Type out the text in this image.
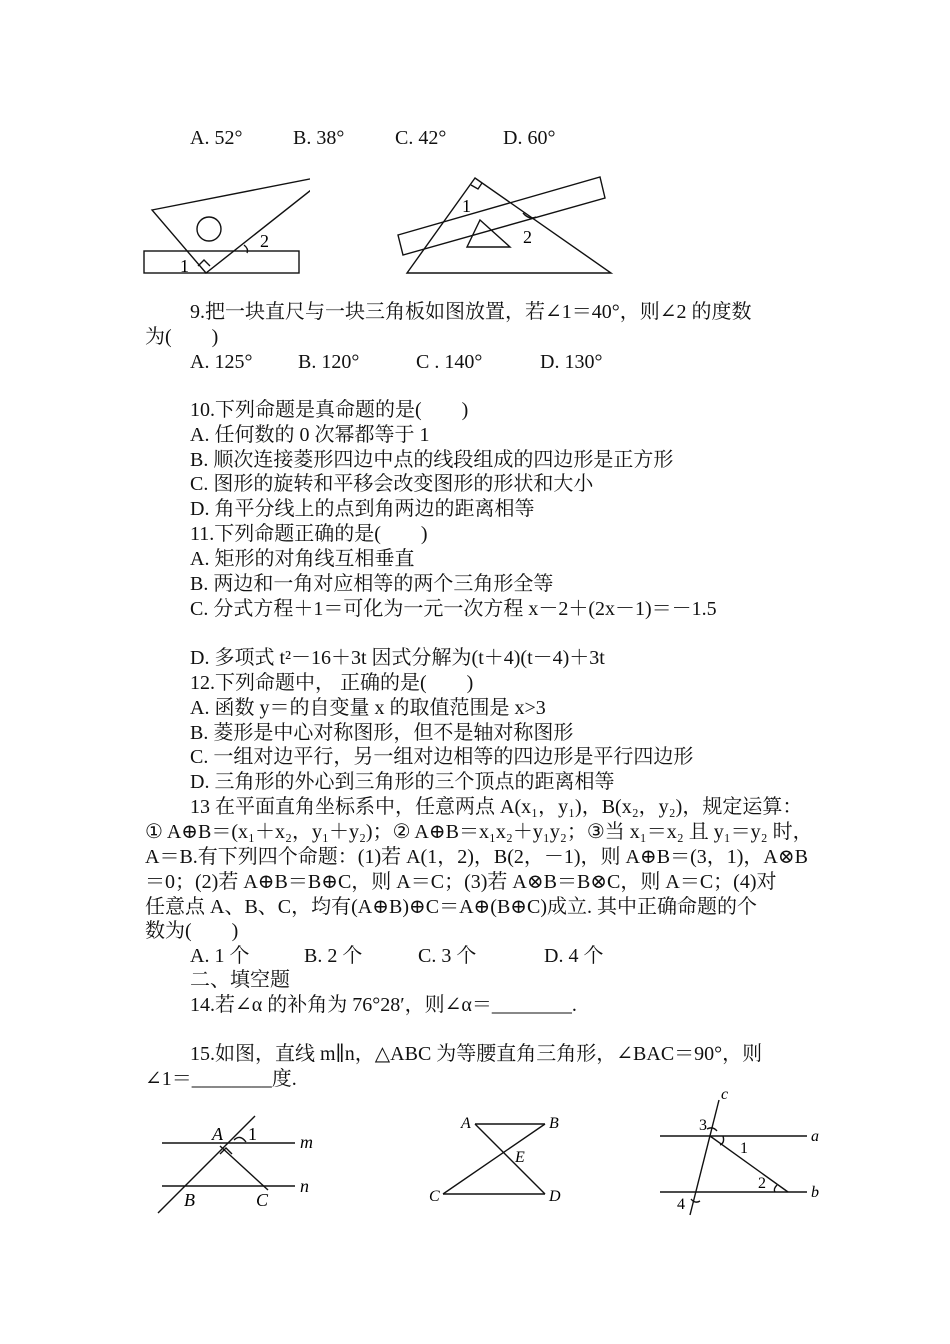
A. 52°	B. 38°	C. 42°	D. 60°
1
2
1
2
9.把一块直尺与一块三角板如图放置，若∠1＝40°，则∠2 的度数
为(　　)
A. 125° B. 120°	C . 140°	D. 130°
10.下列命题是真命题的是(　　)
A. 任何数的 0 次幂都等于 1
B. 顺次连接菱形四边中点的线段组成的四边形是正方形
C. 图形的旋转和平移会改变图形的形状和大小
D. 角平分线上的点到角两边的距离相等
11.下列命题正确的是(　　)
A. 矩形的对角线互相垂直
B. 两边和一角对应相等的两个三角形全等
C. 分式方程＋1＝可化为一元一次方程 x－2＋(2x－1)＝－1.5
D. 多项式 t²－16＋3t 因式分解为(t＋4)(t－4)＋3t
12.下列命题中， 正确的是(　　)
A. 函数 y＝的自变量 x 的取值范围是 x>3
B. 菱形是中心对称图形，但不是轴对称图形
C. 一组对边平行，另一组对边相等的四边形是平行四边形
D. 三角形的外心到三角形的三个顶点的距离相等
13 在平面直角坐标系中，任意两点 A(x₁，y₁)，B(x₂，y₂)，规定运算：
① A⊕B＝(x₁＋x₂，y₁＋y₂)；② A⊕B＝x₁x₂＋y₁y₂；③当 x₁＝x₂ 且 y₁＝y₂ 时，
A＝B.有下列四个命题：(1)若 A(1，2)，B(2，－1)，则 A⊕B＝(3，1)，A⊗B
＝0；(2)若 A⊕B＝B⊕C，则 A＝C；(3)若 A⊗B＝B⊗C，则 A＝C；(4)对
任意点 A、B、C，均有(A⊕B)⊕C＝A⊕(B⊕C)成立. 其中正确命题的个
数为(　　)
A. 1 个	B. 2 个	C. 3 个	D. 4 个
二、填空题
14.若∠α 的补角为 76°28′，则∠α＝________.
15.如图，直线 m∥n，△ABC 为等腰直角三角形，∠BAC＝90°，则
∠1＝________度.
A 1 m
n
B	C
A	B
E
C	D
c
3
1
a
2
b
4
